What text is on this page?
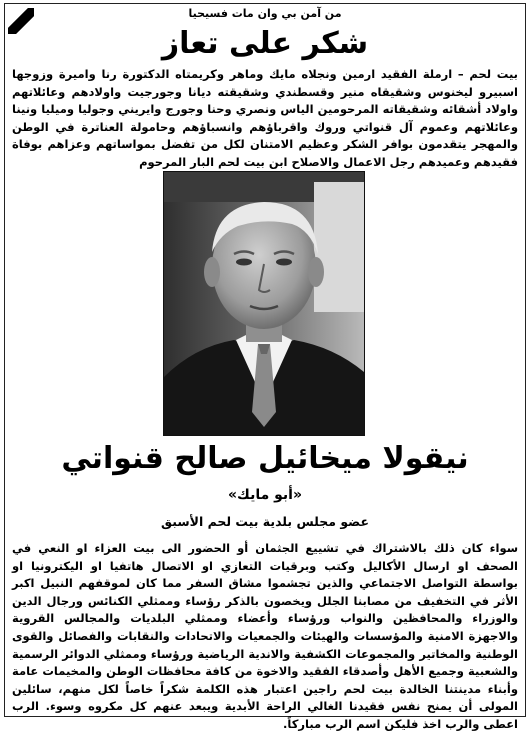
من آمن بي وان مات فسيحيا
شكر على تعاز
بيت لحم – ارملة الفقيد ارمين ونجلاه مايك وماهر وكريمتاه الدكتورة رنا واميرة وزوجها اسبيرو ليخنوس وشقيقاه منير وقسطندي وشقيقته ديانا وجورجيت واولادهم وعائلاتهم واولاد أشقائه وشقيقاته المرحومين الياس ونصري وحنا وجورج وايريني وجوليا وميليا ونينا وعائلاتهم وعموم آل قنواتي وروك واقرباؤهم وانسباؤهم وحامولة العناترة في الوطن والمهجر يتقدمون بوافر الشكر وعظيم الامتنان لكل من تفضل بمواساتهم وعزاهم بوفاة فقيدهم وعميدهم رجل الاعمال والاصلاح ابن بيت لحم البار المرحوم
نيقولا ميخائيل صالح قنواتي
«أبو مايك»
عضو مجلس بلدية بيت لحم الأسبق
سواء كان ذلك بالاشتراك في تشييع الجثمان أو الحضور الى بيت العزاء او النعي في الصحف او ارسال الأكاليل وكتب وبرقيات التعازي او الاتصال هاتفيا او اليكترونيا او بواسطة التواصل الاجتماعي والذين تجشموا مشاق السفر مما كان لموقفهم النبيل اكبر الأثر في التخفيف من مصابنا الجلل ويخصون بالذكر رؤساء وممثلي الكنائس ورجال الدين والوزراء والمحافظين والنواب ورؤساء وأعضاء وممثلي البلديات والمجالس القروية والاجهزة الامنية والمؤسسات والهيئات والجمعيات والاتحادات والنقابات والفصائل والقوى الوطنية والمخاتير والمجموعات الكشفية والاندية الرياضية ورؤساء وممثلي الدوائر الرسمية والشعبية وجميع الأهل وأصدقاء الفقيد والاخوة من كافة محافظات الوطن والمخيمات عامة وأبناء مدينتنا الخالدة بيت لحم راجين اعتبار هذه الكلمة شكراً خاصاً لكل منهم، سائلين المولى أن يمنح نفس فقيدنا الغالي الراحة الأبدية ويبعد عنهم كل مكروه وسوء. الرب اعطى والرب اخذ فليكن اسم الرب مباركاً.
